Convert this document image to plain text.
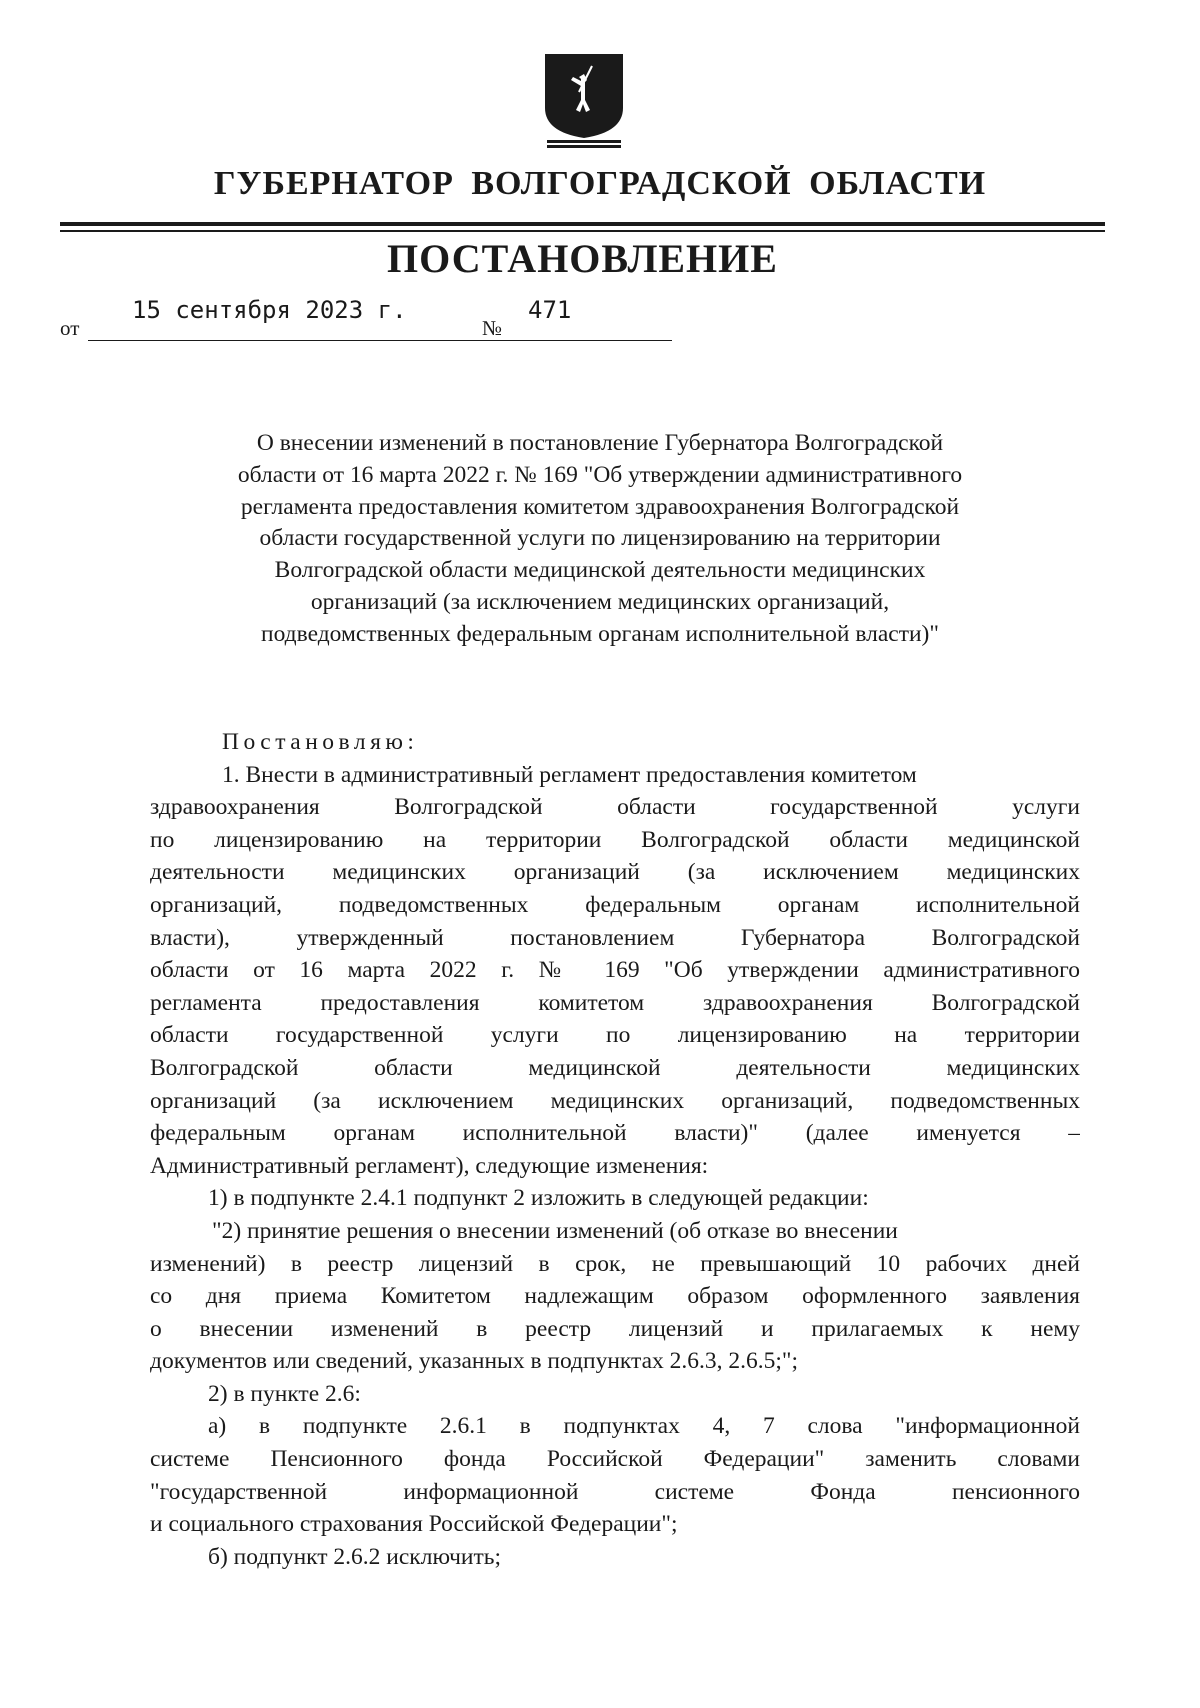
ГУБЕРНАТОР ВОЛГОГРАДСКОЙ ОБЛАСТИ
ПОСТАНОВЛЕНИЕ
от
15 сентября 2023 г.
№
471
О внесении изменений в постановление Губернатора Волгоградской
области от 16 марта 2022 г. № 169 "Об утверждении административного
регламента предоставления комитетом здравоохранения Волгоградской
области государственной услуги по лицензированию на территории
Волгоградской области медицинской деятельности медицинских
организаций (за исключением медицинских организаций,
подведомственных федеральным органам исполнительной власти)"
Постановляю:
1. Внести в административный регламент предоставления комитетом
здравоохранения Волгоградской области государственной услуги
по лицензированию на территории Волгоградской области медицинской
деятельности медицинских организаций (за исключением медицинских
организаций, подведомственных федеральным органам исполнительной
власти), утвержденный постановлением Губернатора Волгоградской
области от 16 марта 2022 г. № 169 "Об утверждении административного
регламента предоставления комитетом здравоохранения Волгоградской
области государственной услуги по лицензированию на территории
Волгоградской области медицинской деятельности медицинских
организаций (за исключением медицинских организаций, подведомственных
федеральным органам исполнительной власти)" (далее именуется –
Административный регламент), следующие изменения:
1) в подпункте 2.4.1 подпункт 2 изложить в следующей редакции:
"2) принятие решения о внесении изменений (об отказе во внесении
изменений) в реестр лицензий в срок, не превышающий 10 рабочих дней
со дня приема Комитетом надлежащим образом оформленного заявления
о внесении изменений в реестр лицензий и прилагаемых к нему
документов или сведений, указанных в подпунктах 2.6.3, 2.6.5;";
2) в пункте 2.6:
а) в подпункте 2.6.1 в подпунктах 4, 7 слова "информационной
системе Пенсионного фонда Российской Федерации" заменить словами
"государственной информационной системе Фонда пенсионного
и социального страхования Российской Федерации";
б) подпункт 2.6.2 исключить;
